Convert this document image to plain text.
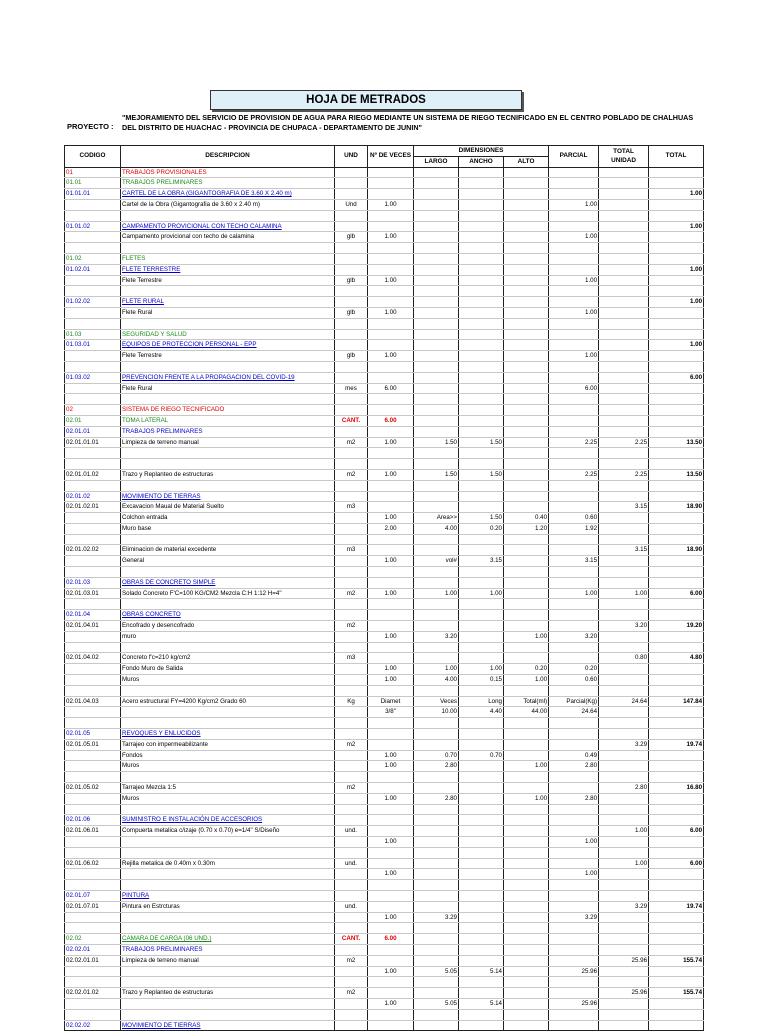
HOJA DE METRADOS
PROYECTO :
"MEJORAMIENTO DEL SERVICIO DE PROVISION DE AGUA PARA RIEGO MEDIANTE UN SISTEMA DE RIEGO TECNIFICADO EN EL CENTRO POBLADO DE CHALHUAS DEL DISTRITO DE HUACHAC - PROVINCIA DE CHUPACA - DEPARTAMENTO DE JUNIN"
CODIGO	DESCRIPCION	UND	Nº DE VECES	DIMENSIONES			PARCIAL	TOTAL
UNIDAD	TOTAL
				LARGO	ANCHO	ALTO			
01	TRABAJOS PROVISIONALES								
01.01	TRABAJOS PRELIMINARES								
01.01.01	CARTEL DE LA OBRA (GIGANTOGRAFIA DE 3.60 X 2.40 m)								1.00
	Cartel de la Obra (Gigantografia de 3.60 x 2.40 m)	Und	1.00				1.00		

01.01.02	CAMPAMENTO PROVICIONAL CON TECHO CALAMINA								1.00
	Campamento provicional con techo de calamina	glb	1.00				1.00		

01.02	FLETES								
01.02.01	FLETE TERRESTRE								1.00
	Flete Terrestre	glb	1.00				1.00		

01.02.02	FLETE RURAL								1.00
	Flete Rural	glb	1.00				1.00		

01.03	SEGURIDAD Y SALUD								
01.03.01	EQUIPOS DE PROTECCION PERSONAL - EPP								1.00
	Flete Terrestre	glb	1.00				1.00		

01.03.02	PREVENCION FRENTE A LA PROPAGACION DEL COVID-19								6.00
	Flete Rural	mes	6.00				6.00		

02	SISTEMA DE RIEGO TECNIFICADO								
02.01	TOMA LATERAL	CANT.	6.00						
02.01.01	TRABAJOS PRELIMINARES								
02.01.01.01	Limpieza de terreno manual	m2	1.00	1.50	1.50		2.25	2.25	13.50

02.01.01.02	Trazo y Replanteo de estructuras	m2	1.00	1.50	1.50		2.25	2.25	13.50

02.01.02	MOVIMIENTO DE TIERRAS								
02.01.02.01	Excavacion Maual de Material Suelto	m3						3.15	18.90
	Colchon entrada		1.00	Area>>	1.50	0.40	0.60		
	Muro base		2.00	4.00	0.20	1.20	1.92		

02.01.02.02	Eliminacion de material excedente	m3						3.15	18.90
	General		1.00	vol#	3.15		3.15		

02.01.03	OBRAS DE CONCRETO SIMPLE								
02.01.03.01	Solado Concreto F'C=100 KG/CM2 Mezcla C:H 1:12 H=4"	m2	1.00	1.00	1.00		1.00	1.00	6.00

02.01.04	OBRAS CONCRETO								
02.01.04.01	Encofrado y desencofrado	m2						3.20	19.20
	muro		1.00	3.20		1.00	3.20		

02.01.04.02	Concreto f'c=210 kg/cm2	m3						0.80	4.80
	Fondo Muro de Salida		1.00	1.00	1.00	0.20	0.20		
	Muros		1.00	4.00	0.15	1.00	0.60		

02.01.04.03	Acero estructural FY=4200 Kg/cm2 Grado 60	Kg	Diamet	Veces	Long	Total(ml)	Parcial(Kg)	24.64	147.84
			3/8"	10.00	4.40	44.00	24.64		

02.01.05	REVOQUES Y ENLUCIDOS								
02.01.05.01	Tarrajeo con impermeabilizante	m2						3.29	19.74
	Fondos		1.00	0.70	0.70		0.49		
	Muros		1.00	2.80		1.00	2.80		

02.01.05.02	Tarrajeo Mezcla 1:5	m2						2.80	16.80
	Muros		1.00	2.80		1.00	2.80		

02.01.06	SUMINISTRO E INSTALACIÓN DE ACCESORIOS								
02.01.06.01	Compuerta metalica c/izaje (0.70 x 0.70) e=1/4" S/Diseño	und.						1.00	6.00
			1.00				1.00		

02.01.06.02	Rejilla metalica de 0.40m x 0.30m	und.						1.00	6.00
			1.00				1.00		

02.01.07	PINTURA								
02.01.07.01	Pintura en Estrcturas	und.						3.29	19.74
			1.00	3.29			3.29		

02.02	CAMARA DE CARGA (06 UND.)	CANT.	6.00						
02.02.01	TRABAJOS PRELIMINARES								
02.02.01.01	Limpieza de terreno manual	m2						25.96	155.74
			1.00	5.05	5.14		25.96		

02.02.01.02	Trazo y Replanteo de estructuras	m2						25.96	155.74
			1.00	5.05	5.14		25.96		

02.02.02	MOVIMIENTO DE TIERRAS								
